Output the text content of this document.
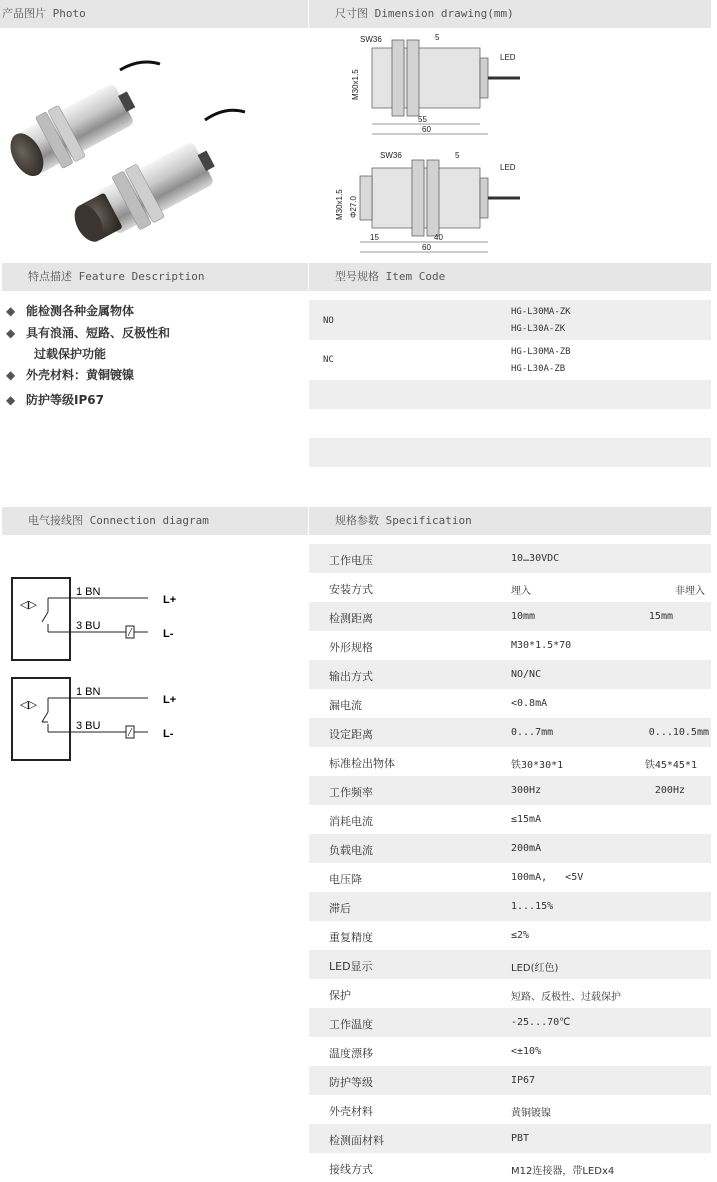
产品图片 Photo	尺寸图 Dimension drawing(mm)
特点描述 Feature Description	型号规格 Item Code
电气接线图 Connection diagram	规格参数 Specification
SW36	5
LED
M30x1.5
55
60
SW36	5
LED
M30x1.5 Φ27.0
15	40
60
◆ 能检测各种金属物体
◆ 具有浪涌、短路、反极性和
过载保护功能
◆ 外壳材料：黄铜镀镍
◆ 防护等级IP67
NO
HG-L30MA-ZK
HG-L30A-ZK
NC
HG-L30MA-ZB
HG-L30A-ZB
◁▷
1 BN
3 BU
L+
L-
◁▷
1 BN
3 BU
L+
L-
工作电压	10…30VDC
安装方式	埋入	非埋入
检测距离	10mm	15mm
外形规格	M30*1.5*70
输出方式	NO/NC
漏电流	<0.8mA
设定距离	0...7mm	0...10.5mm
标准检出物体	铁30*30*1	铁45*45*1
工作频率	300Hz	200Hz
消耗电流	≤15mA
负载电流	200mA
电压降	100mA,   <5V
滞后	1...15%
重复精度	≤2%
LED显示	LED(红色)
保护	短路、反极性、过载保护
工作温度	-25...70℃
温度漂移	<±10%
防护等级	IP67
外壳材料	黄铜镀镍
检测面材料	PBT
接线方式	M12连接器，带LEDx4
